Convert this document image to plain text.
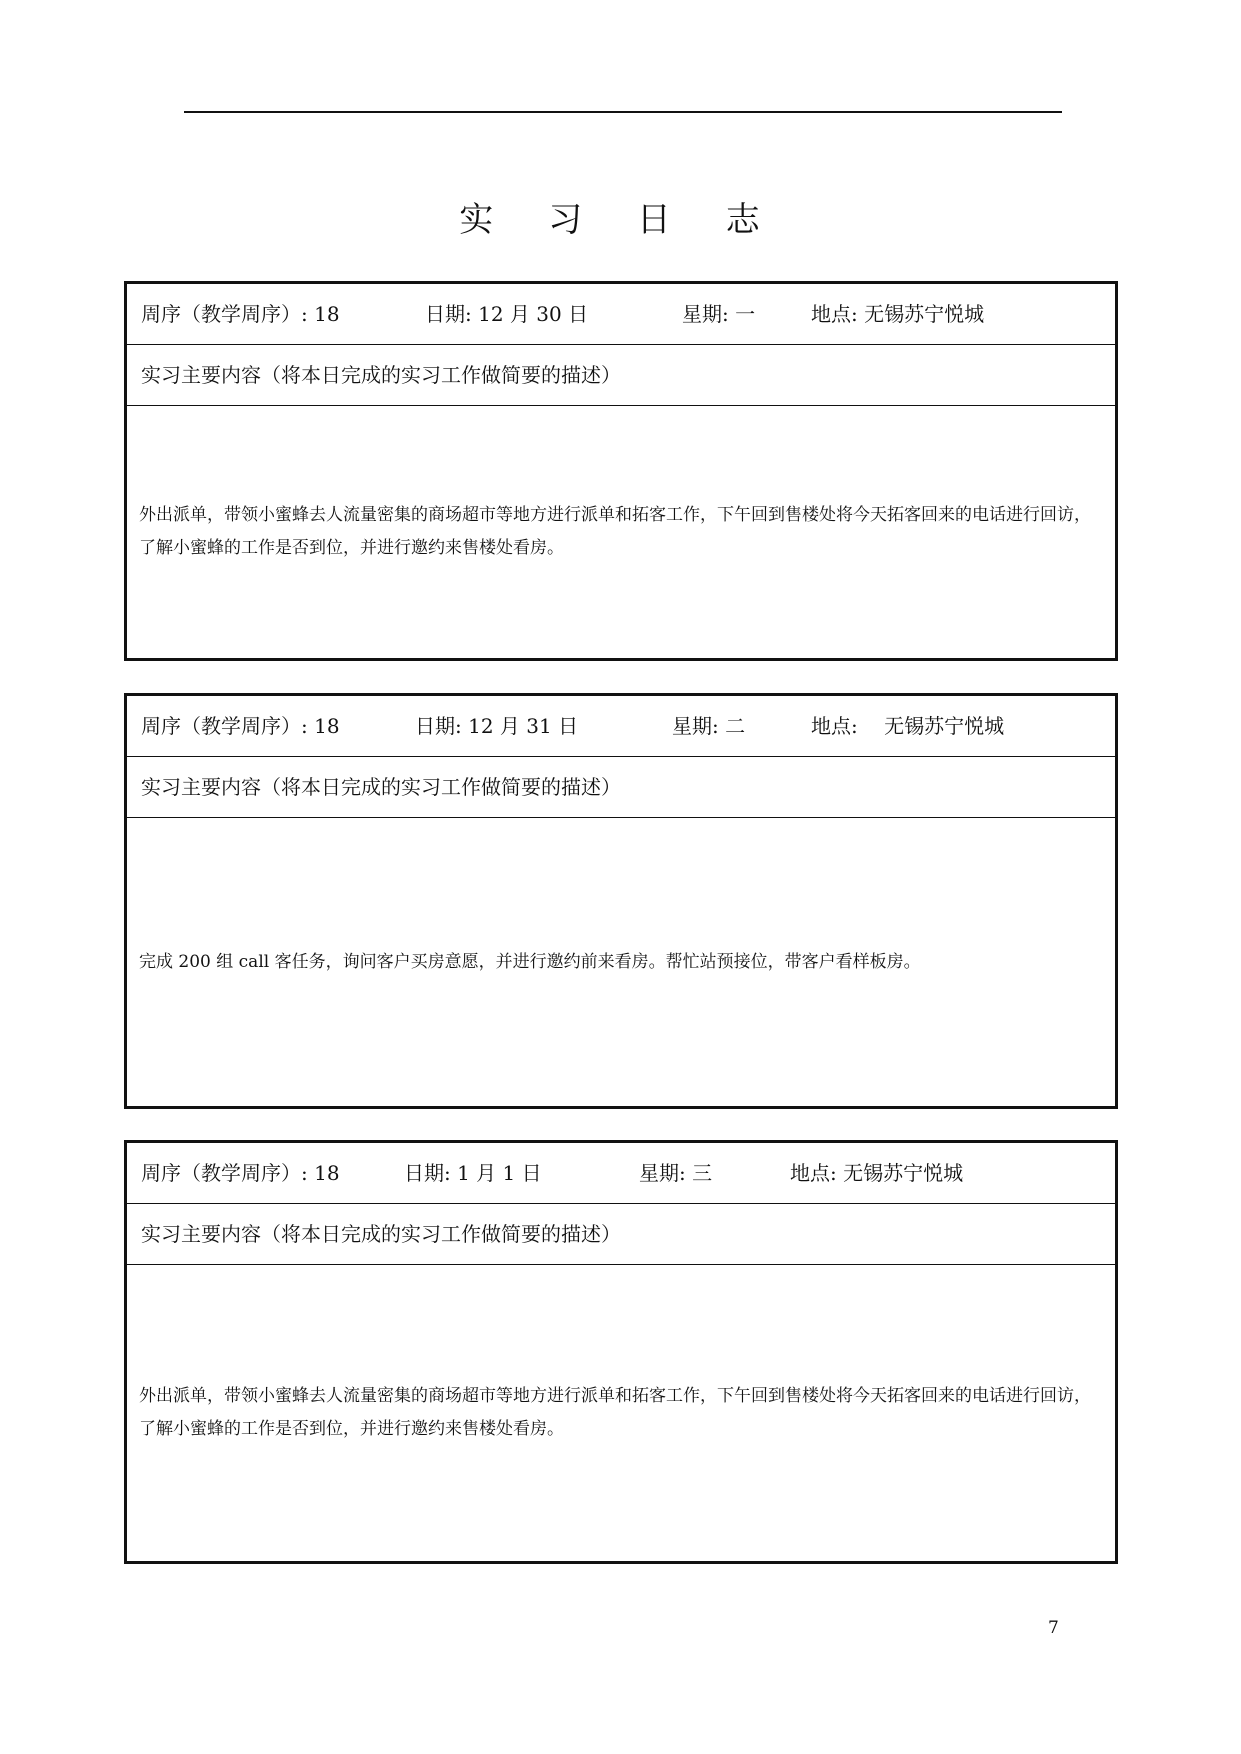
实 习 日 志
周序（教学周序）: 18	日期: 12 月 30 日	星期: 一	地点: 无锡苏宁悦城
实习主要内容（将本日完成的实习工作做简要的描述）

外出派单，带领小蜜蜂去人流量密集的商场超市等地方进行派单和拓客工作，下午回到售楼处将今天拓客回来的电话进行回访，了解小蜜蜂的工作是否到位，并进行邀约来售楼处看房。

周序（教学周序）: 18	日期: 12 月 31 日	星期: 二	地点:　 无锡苏宁悦城
实习主要内容（将本日完成的实习工作做简要的描述）

完成 200 组 call 客任务，询问客户买房意愿，并进行邀约前来看房。帮忙站预接位，带客户看样板房。

周序（教学周序）: 18	日期: 1 月 1 日	星期: 三	地点: 无锡苏宁悦城
实习主要内容（将本日完成的实习工作做简要的描述）

外出派单，带领小蜜蜂去人流量密集的商场超市等地方进行派单和拓客工作，下午回到售楼处将今天拓客回来的电话进行回访，了解小蜜蜂的工作是否到位，并进行邀约来售楼处看房。

7
